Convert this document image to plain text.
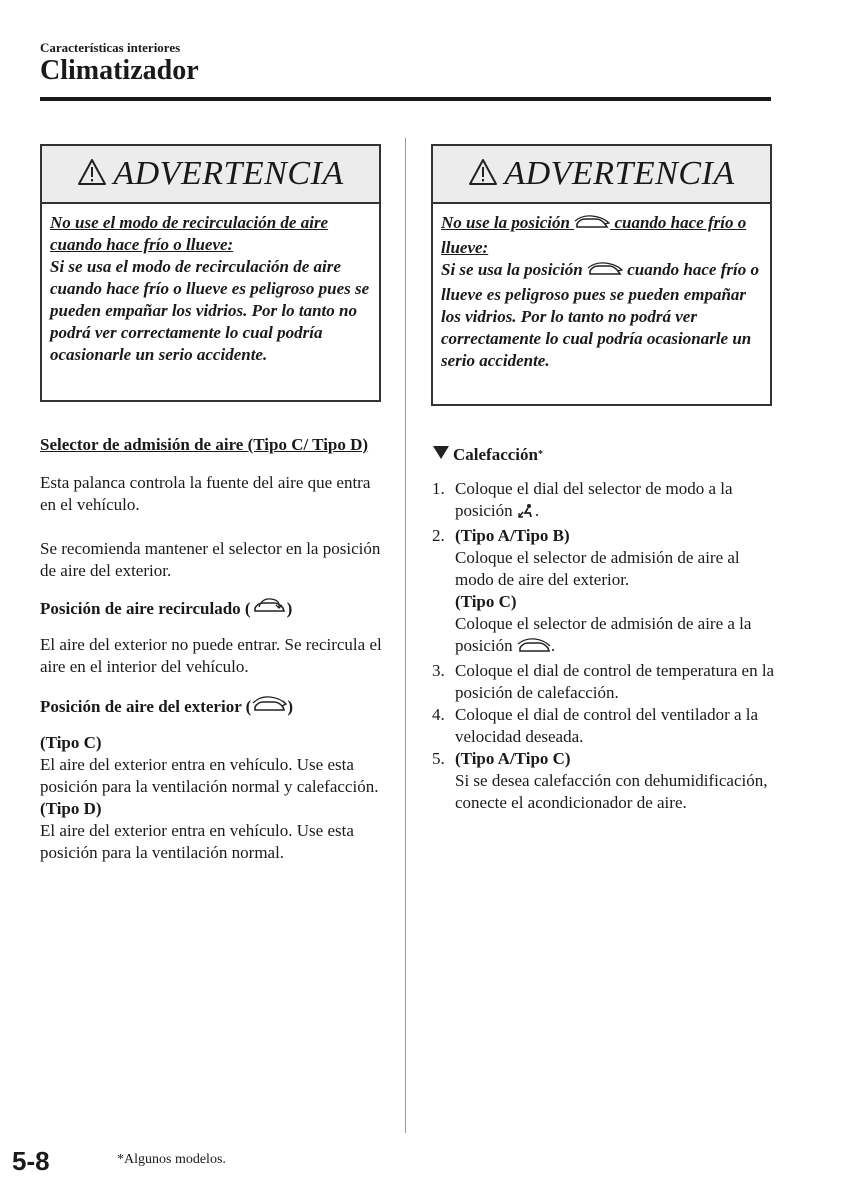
Características interiores
Climatizador
ADVERTENCIA
No use el modo de recirculación de aire cuando hace frío o llueve:
Si se usa el modo de recirculación de aire cuando hace frío o llueve es peligroso pues se pueden empañar los vidrios. Por lo tanto no podrá ver correctamente lo cual podría ocasionarle un serio accidente.
ADVERTENCIA
No use la posición	cuando hace frío o llueve:
Si se usa la posición	cuando hace frío o llueve es peligroso pues se pueden empañar los vidrios. Por lo tanto no podrá ver correctamente lo cual podría ocasionarle un serio accidente.

Selector de admisión de aire (Tipo C/ Tipo D)

Esta palanca controla la fuente del aire que entra en el vehículo.

Se recomienda mantener el selector en la posición de aire del exterior.

Posición de aire recirculado ( )

El aire del exterior no puede entrar. Se recircula el aire en el interior del vehículo.

Posición de aire del exterior ( )

(Tipo C)

El aire del exterior entra en vehículo. Use esta posición para la ventilación normal y calefacción.

(Tipo D)

El aire del exterior entra en vehículo. Use esta posición para la ventilación normal.

Calefacción *
1. Coloque el dial del selector de modo a la posición .
2. (Tipo A/Tipo B)
Coloque el selector de admisión de aire al modo de aire del exterior.
(Tipo C)
Coloque el selector de admisión de aire a la posición .
3. Coloque el dial de control de temperatura en la posición de calefacción.
4. Coloque el dial de control del ventilador a la velocidad deseada.
5. (Tipo A/Tipo C)
Si se desea calefacción con dehumidificación, conecte el acondicionador de aire.
5-8	*Algunos modelos.
